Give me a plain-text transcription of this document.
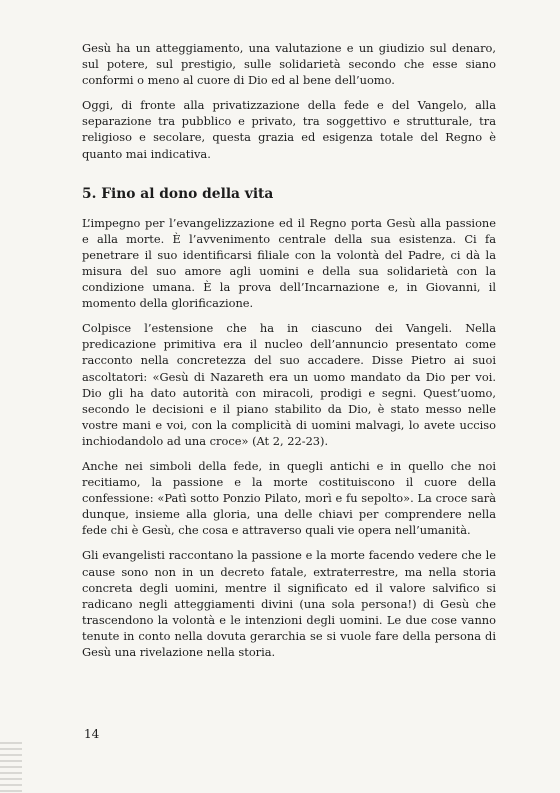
Gesù ha un atteggiamento, una valutazione e un giudizio sul denaro, sul potere, sul prestigio, sulle solidarietà secondo che esse siano conformi o meno al cuore di Dio ed al bene dell’uomo.

Oggi, di fronte alla privatizzazione della fede e del Vangelo, alla separazione tra pubblico e privato, tra soggettivo e strutturale, tra religioso e secolare, questa grazia ed esigenza totale del Regno è quanto mai indicativa.

5. Fino al dono della vita

L’impegno per l’evangelizzazione ed il Regno porta Gesù alla passione e alla morte. È l’avvenimento centrale della sua esistenza. Ci fa penetrare il suo identificarsi filiale con la volontà del Padre, ci dà la misura del suo amore agli uomini e della sua solidarietà con la condizione umana. È la prova dell’Incarnazione e, in Giovanni, il momento della glorificazione.

Colpisce l’estensione che ha in ciascuno dei Vangeli. Nella predicazione primitiva era il nucleo dell’annuncio presentato come racconto nella concretezza del suo accadere. Disse Pietro ai suoi ascoltatori: «Gesù di Nazareth era un uomo mandato da Dio per voi. Dio gli ha dato autorità con miracoli, prodigi e segni. Quest’uomo, secondo le decisioni e il piano stabilito da Dio, è stato messo nelle vostre mani e voi, con la complicità di uomini malvagi, lo avete ucciso inchiodandolo ad una croce» (At 2, 22-23).

Anche nei simboli della fede, in quegli antichi e in quello che noi recitiamo, la passione e la morte costituiscono il cuore della confessione: «Patì sotto Ponzio Pilato, morì e fu sepolto». La croce sarà dunque, insieme alla gloria, una delle chiavi per comprendere nella fede chi è Gesù, che cosa e attraverso quali vie opera nell’umanità.

Gli evangelisti raccontano la passione e la morte facendo vedere che le cause sono non in un decreto fatale, extraterrestre, ma nella storia concreta degli uomini, mentre il significato ed il valore salvifico si radicano negli atteggiamenti divini (una sola persona!) di Gesù che trascendono la volontà e le intenzioni degli uomini. Le due cose vanno tenute in conto nella dovuta gerarchia se si vuole fare della persona di Gesù una rivelazione nella storia.

14
